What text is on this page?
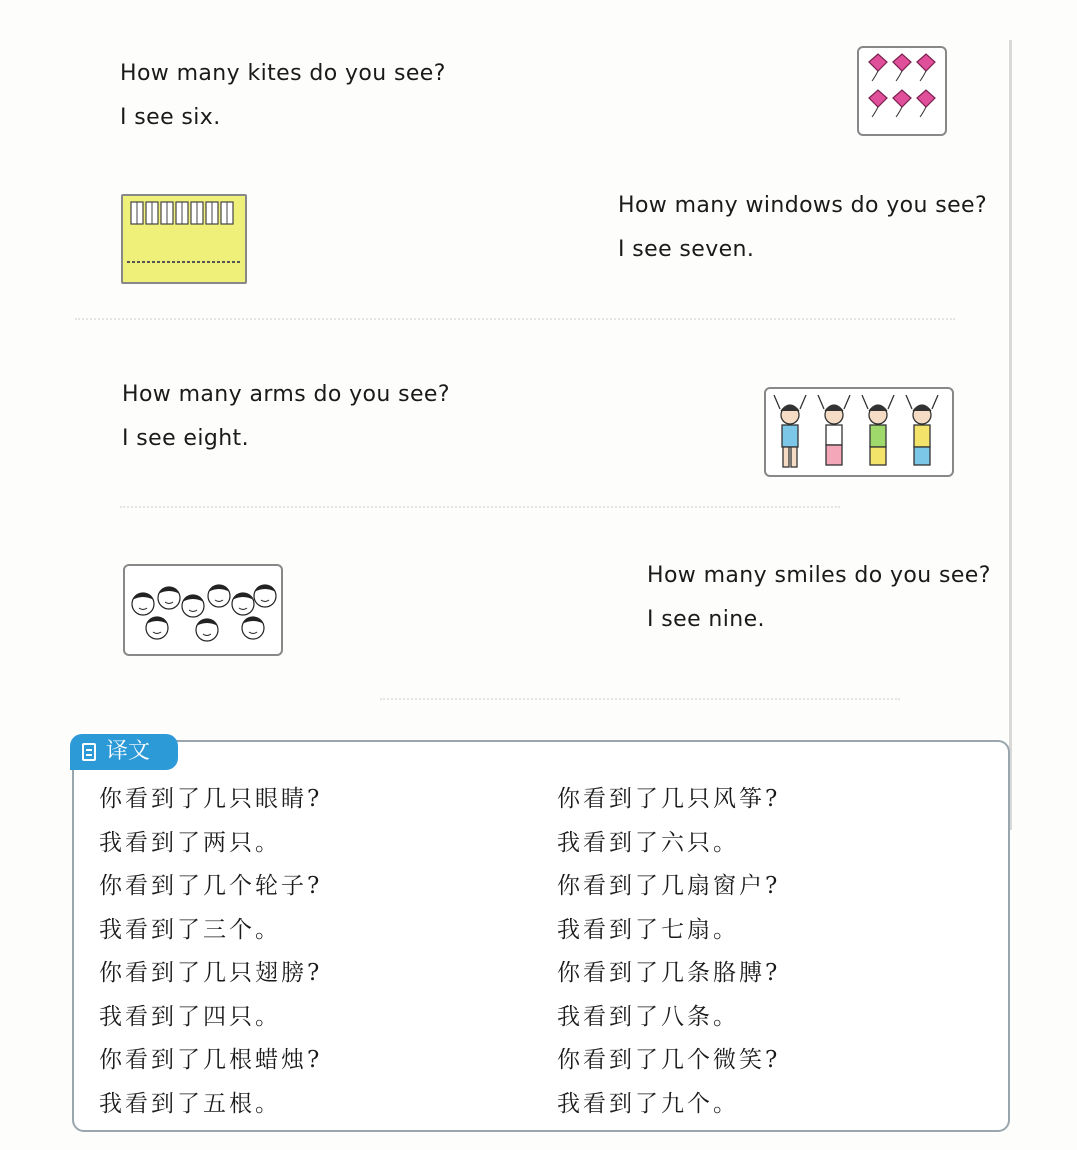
How many kites do you see?
I see six.
How many windows do you see?
I see seven.
How many arms do you see?
I see eight.
How many smiles do you see?
I see nine.
译文
你看到了几只眼睛?
我看到了两只。
你看到了几个轮子?
我看到了三个。
你看到了几只翅膀?
我看到了四只。
你看到了几根蜡烛?
我看到了五根。
你看到了几只风筝?
我看到了六只。
你看到了几扇窗户?
我看到了七扇。
你看到了几条胳膊?
我看到了八条。
你看到了几个微笑?
我看到了九个。
